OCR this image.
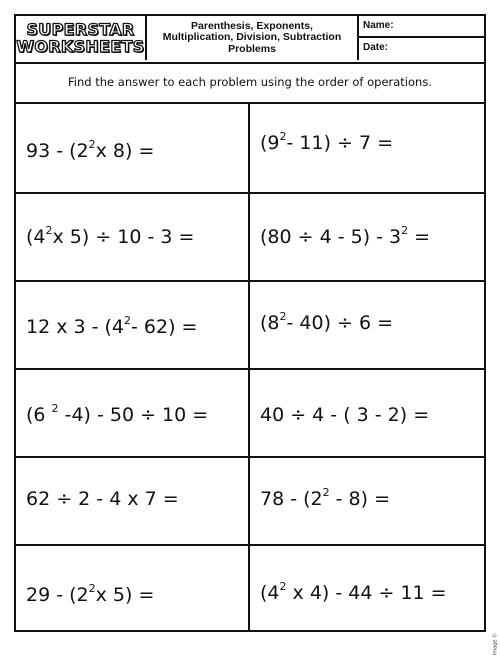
SUPERSTAR
WORKSHEETS
Parenthesis, Exponents,
Multiplication, Division, Subtraction
Problems
Name:
Date:
Find the answer to each problem using the order of operations.
$93 - (2^2x$ 8) =	($9^2-$ 11) ÷ 7 =
($4^2x$ 5) ÷ 10 - 3 =	$(80 \div 4 - 5) - 3^2$ =
12 x $3 - (4^2-$ 62) =	($8^2-$ 40) ÷ 6 =
(6 $^2$ -4) - 50 ÷ 10 =	40 ÷ 4 - ( 3 - 2) =
62 ÷ 2 - 4 x 7 =	$78 - (2^2 - 8)$ =
$29 - (2^2x$ 5) =	($4^2$ x 4) - 44 ÷ 11 =
Image ©
